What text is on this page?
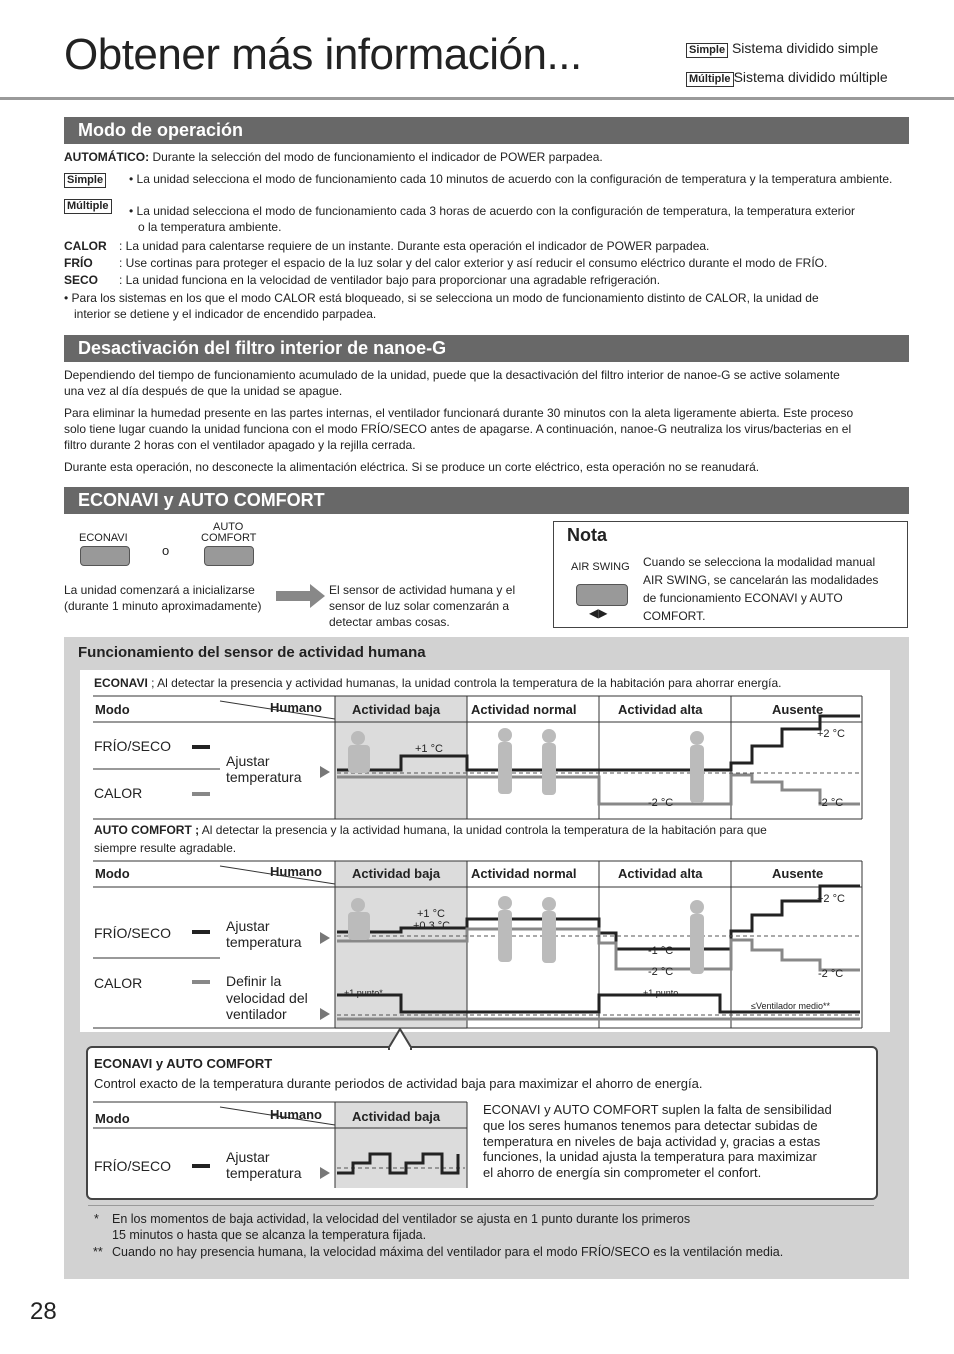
Obtener más información...	Simple Sistema dividido simple
Múltiple Sistema dividido múltiple
Modo de operación
AUTOMÁTICO: Durante la selección del modo de funcionamiento el indicador de POWER parpadea.
Simple • La unidad selecciona el modo de funcionamiento cada 10 minutos de acuerdo con la configuración de temperatura y la temperatura ambiente.
Múltiple • La unidad selecciona el modo de funcionamiento cada 3 horas de acuerdo con la configuración de temperatura, la temperatura exterior
o la temperatura ambiente.
CALOR : La unidad para calentarse requiere de un instante. Durante esta operación el indicador de POWER parpadea.
FRÍO : Use cortinas para proteger el espacio de la luz solar y del calor exterior y así reducir el consumo eléctrico durante el modo de FRÍO.
SECO : La unidad funciona en la velocidad de ventilador bajo para proporcionar una agradable refrigeración.
• Para los sistemas en los que el modo CALOR está bloqueado, si se selecciona un modo de funcionamiento distinto de CALOR, la unidad de
interior se detiene y el indicador de encendido parpadea.
Desactivación del filtro interior de nanoe-G
Dependiendo del tiempo de funcionamiento acumulado de la unidad, puede que la desactivación del filtro interior de nanoe-G se active solamente
una vez al día después de que la unidad se apague.
Para eliminar la humedad presente en las partes internas, el ventilador funcionará durante 30 minutos con la aleta ligeramente abierta. Este proceso
solo tiene lugar cuando la unidad funciona con el modo FRÍO/SECO antes de apagarse. A continuación, nanoe-G neutraliza los virus/bacterias en el
filtro durante 2 horas con el ventilador apagado y la rejilla cerrada.
Durante esta operación, no desconecte la alimentación eléctrica. Si se produce un corte eléctrico, esta operación no se reanudará.
ECONAVI y AUTO COMFORT
ECONAVI
o
AUTO
COMFORT
La unidad comenzará a inicializarse
(durante 1 minuto aproximadamente)
El sensor de actividad humana y el
sensor de luz solar comenzarán a
detectar ambas cosas.
Nota
AIR SWING
◀▶
Cuando se selecciona la modalidad manual
AIR SWING, se cancelarán las modalidades
de funcionamiento ECONAVI y AUTO
COMFORT.
Funcionamiento del sensor de actividad humana
ECONAVI ; Al detectar la presencia y actividad humanas, la unidad controla la temperatura de la habitación para ahorrar energía.
Modo	Humano Actividad baja Actividad normal	Actividad alta	Ausente
FRÍO/SECO
CALOR
Ajustar
temperatura
+1 °C
-2 °C
+2 °C
-2 °C
AUTO COMFORT ; Al detectar la presencia y la actividad humana, la unidad controla la temperatura de la habitación para que
siempre resulte agradable.
Modo	Humano Actividad baja Actividad normal	Actividad alta	Ausente
FRÍO/SECO
CALOR
Ajustar
temperatura
Definir la
velocidad del
ventilador
+1 °C
+0.3 °C
-1 °C
-2 °C
+2 °C
-2 °C
+1 punto*	+1 punto
≤Ventilador medio**
ECONAVI y AUTO COMFORT
Control exacto de la temperatura durante periodos de actividad baja para maximizar el ahorro de energía.
Modo	Humano Actividad baja
FRÍO/SECO
Ajustar
temperatura
ECONAVI y AUTO COMFORT suplen la falta de sensibilidad
que los seres humanos tenemos para detectar subidas de
temperatura en niveles de baja actividad y, gracias a estas
funciones, la unidad ajusta la temperatura para maximizar
el ahorro de energía sin comprometer el confort.
* En los momentos de baja actividad, la velocidad del ventilador se ajusta en 1 punto durante los primeros
15 minutos o hasta que se alcanza la temperatura fijada.
** Cuando no hay presencia humana, la velocidad máxima del ventilador para el modo FRÍO/SECO es la ventilación media.
28
